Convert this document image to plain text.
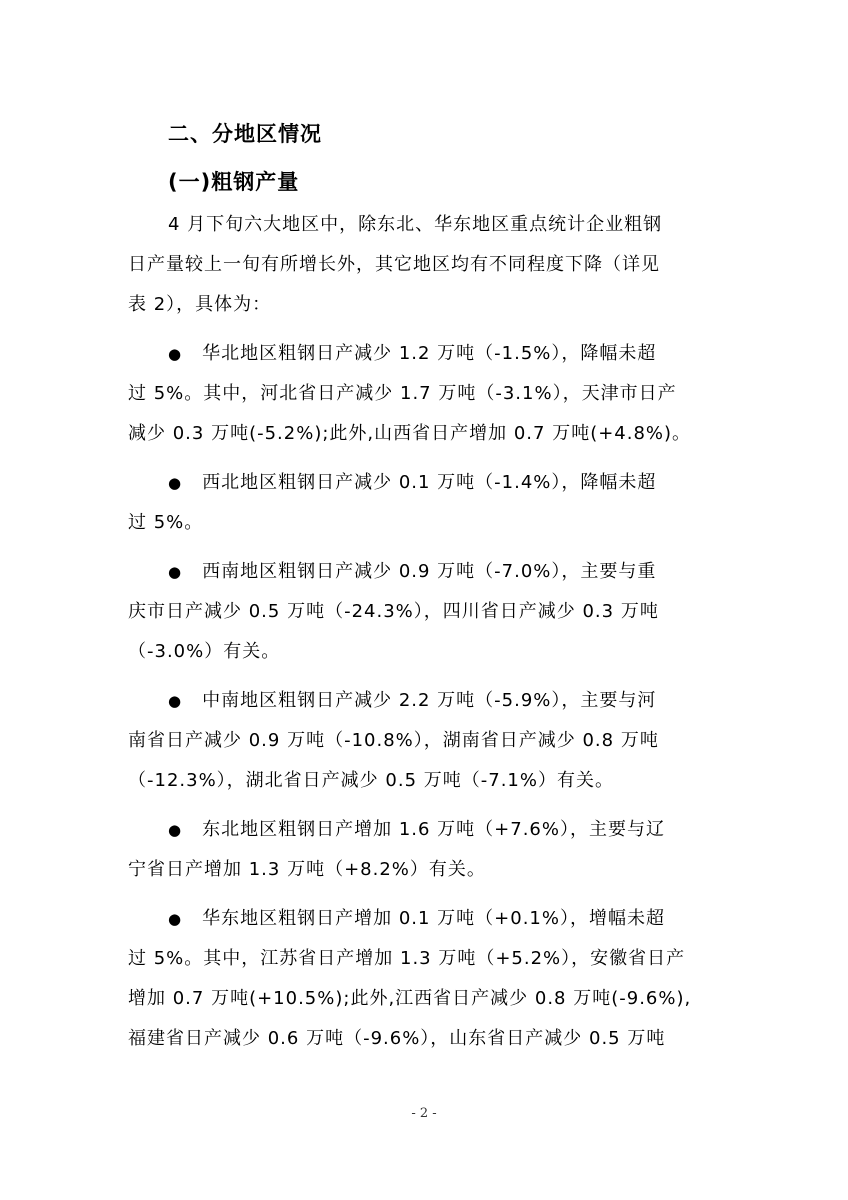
二、分地区情况
(一)粗钢产量

4 月下旬六大地区中，除东北、华东地区重点统计企业粗钢
日产量较上一旬有所增长外，其它地区均有不同程度下降（详见
表 2），具体为：

● 华北地区粗钢日产减少 1.2 万吨（-1.5%），降幅未超
过 5%。其中，河北省日产减少 1.7 万吨（-3.1%），天津市日产
减少 0.3 万吨(-5.2%);此外,山西省日产增加 0.7 万吨(+4.8%)。

● 西北地区粗钢日产减少 0.1 万吨（-1.4%），降幅未超
过 5%。

● 西南地区粗钢日产减少 0.9 万吨（-7.0%），主要与重
庆市日产减少 0.5 万吨（-24.3%），四川省日产减少 0.3 万吨
（-3.0%）有关。

● 中南地区粗钢日产减少 2.2 万吨（-5.9%），主要与河
南省日产减少 0.9 万吨（-10.8%），湖南省日产减少 0.8 万吨
（-12.3%），湖北省日产减少 0.5 万吨（-7.1%）有关。

● 东北地区粗钢日产增加 1.6 万吨（+7.6%），主要与辽
宁省日产增加 1.3 万吨（+8.2%）有关。

● 华东地区粗钢日产增加 0.1 万吨（+0.1%），增幅未超
过 5%。其中，江苏省日产增加 1.3 万吨（+5.2%），安徽省日产
增加 0.7 万吨(+10.5%);此外,江西省日产减少 0.8 万吨(-9.6%),
福建省日产减少 0.6 万吨（-9.6%），山东省日产减少 0.5 万吨

- 2 -
